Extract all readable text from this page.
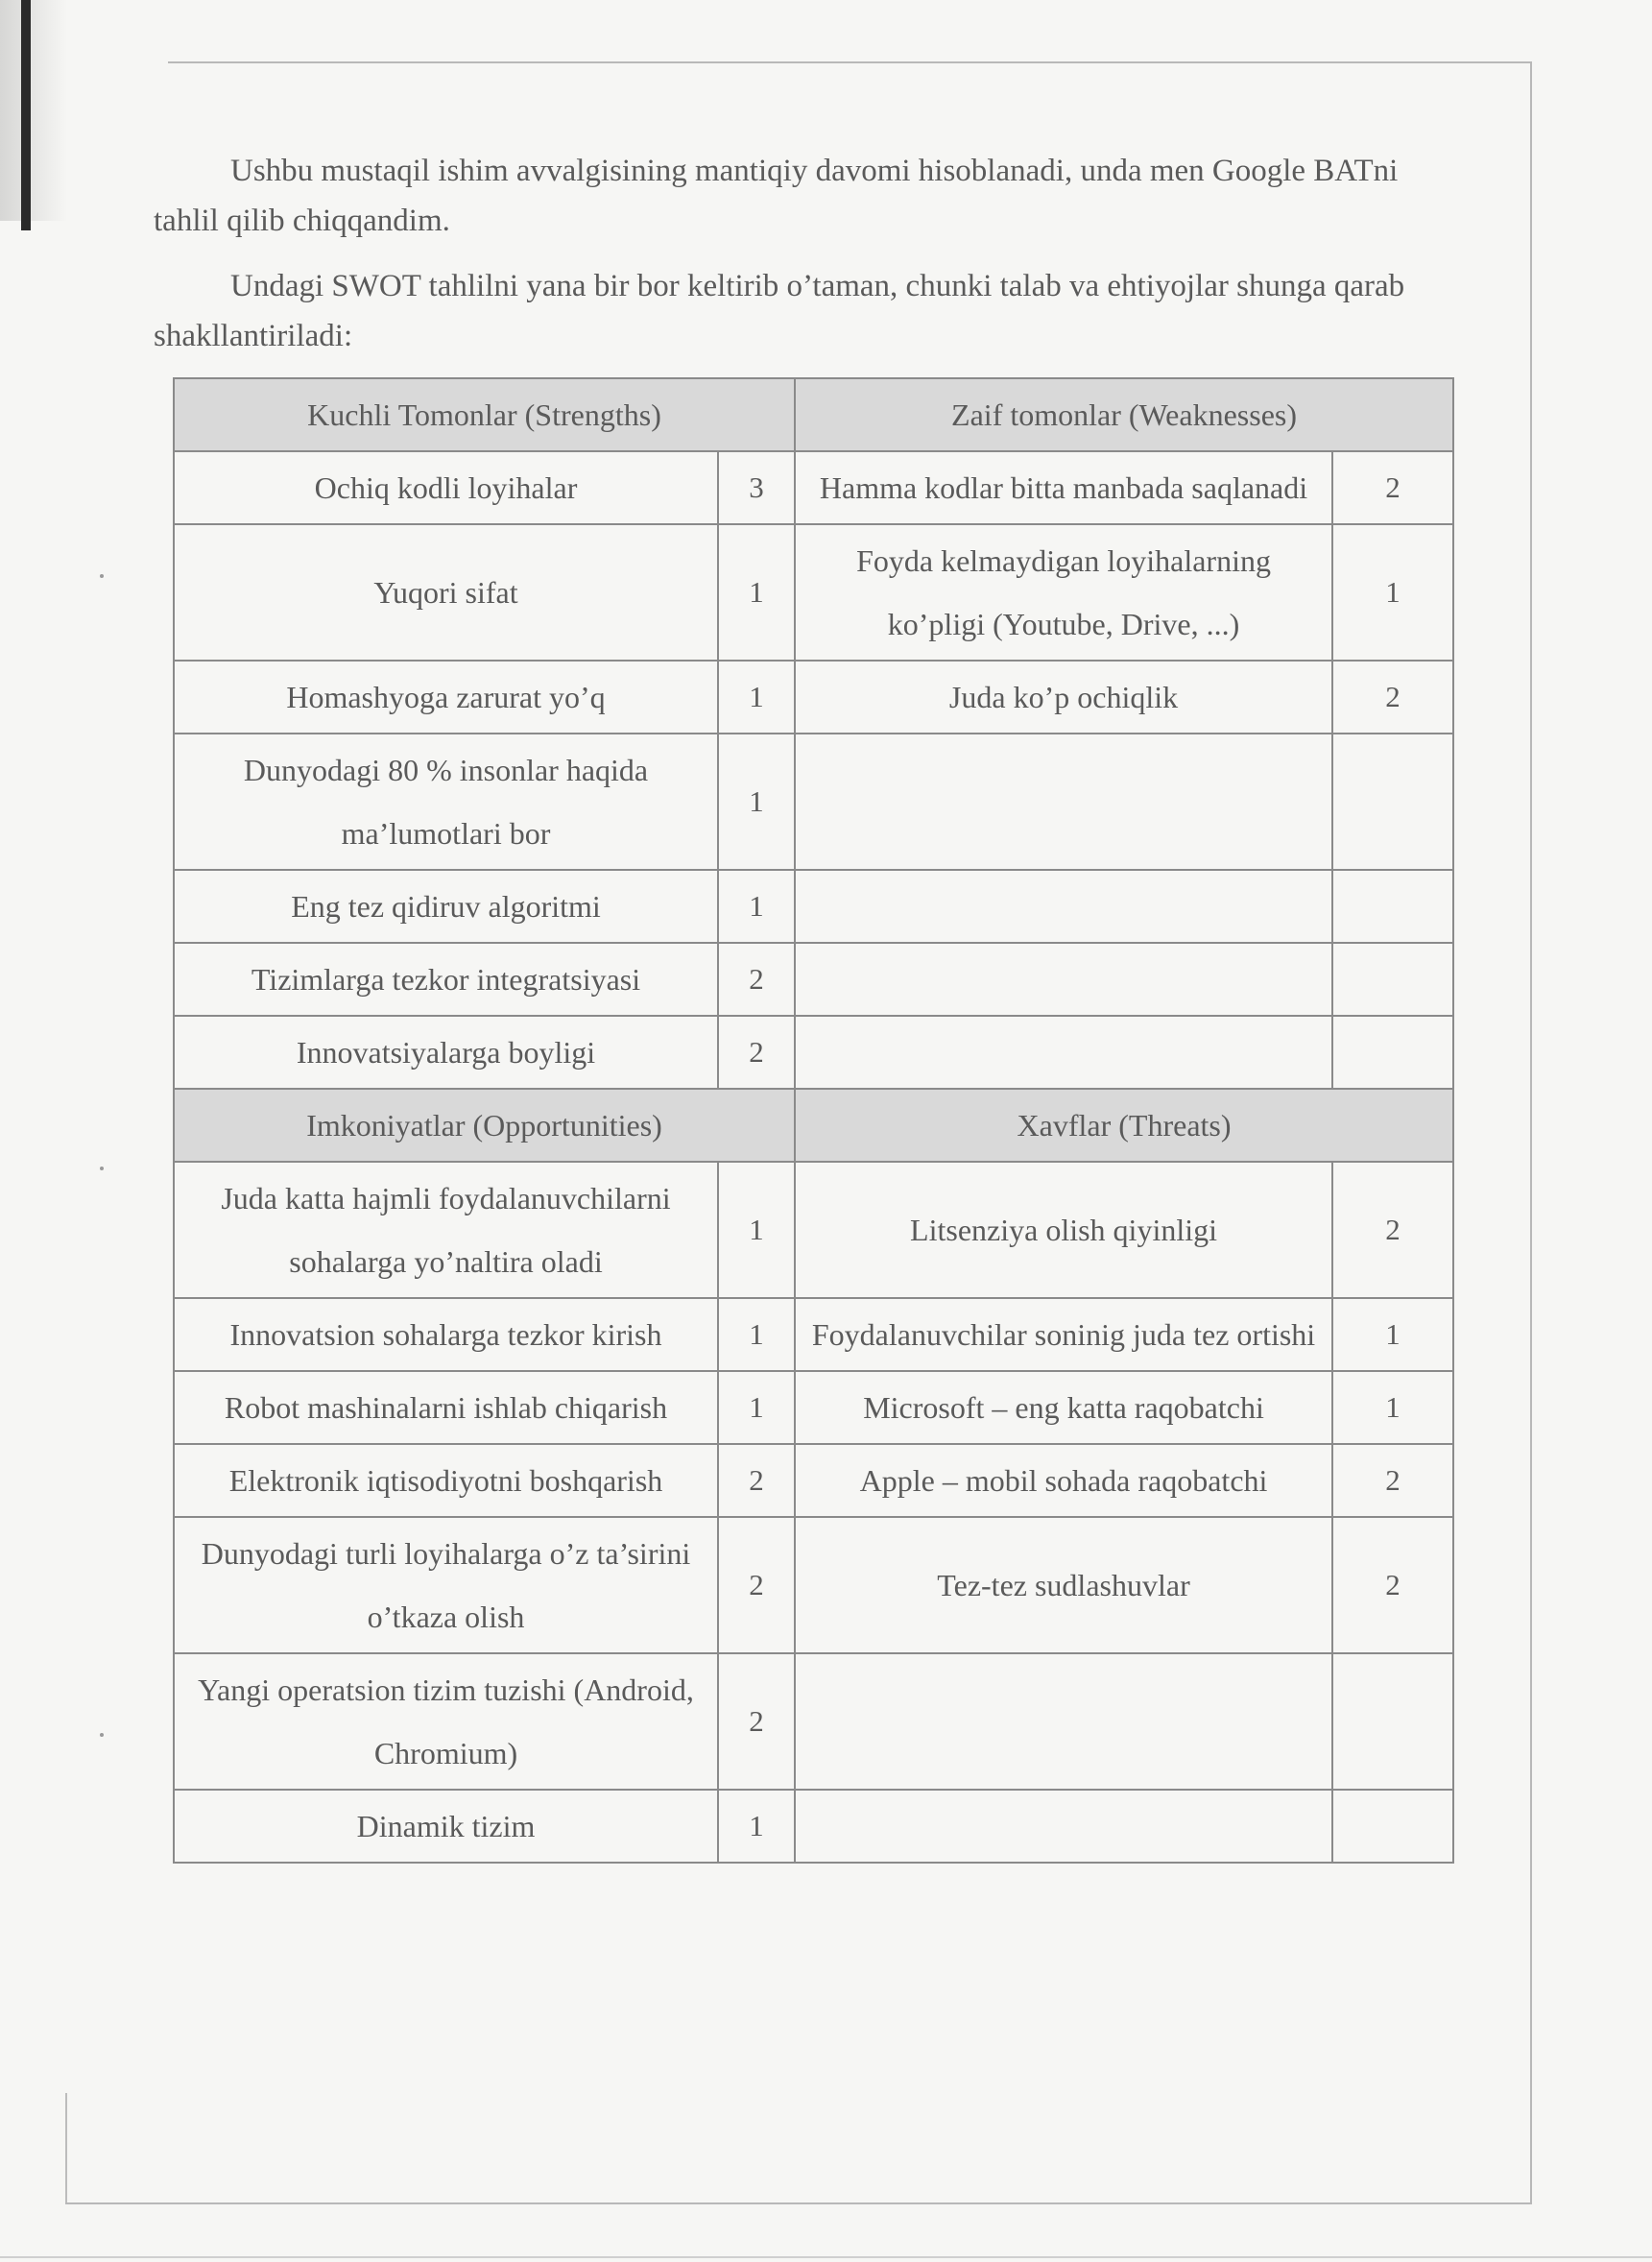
Ushbu mustaqil ishim avvalgisining mantiqiy davomi hisoblanadi, unda men Google BATni tahlil qilib chiqqandim.

Undagi SWOT tahlilni yana bir bor keltirib o’taman, chunki talab va ehtiyojlar shunga qarab shakllantiriladi:

Kuchli Tomonlar (Strengths)		Zaif tomonlar (Weaknesses)	
Ochiq kodli loyihalar	3	Hamma kodlar bitta manbada saqlanadi	2
Yuqori sifat	1	Foyda kelmaydigan loyihalarning ko’pligi (Youtube, Drive, ...)	1
Homashyoga zarurat yo’q	1	Juda ko’p ochiqlik	2
Dunyodagi 80 % insonlar haqida ma’lumotlari bor	1		
Eng tez qidiruv algoritmi	1		
Tizimlarga tezkor integratsiyasi	2		
Innovatsiyalarga boyligi	2		
Imkoniyatlar (Opportunities)		Xavflar (Threats)	
Juda katta hajmli foydalanuvchilarni sohalarga yo’naltira oladi	1	Litsenziya olish qiyinligi	2
Innovatsion sohalarga tezkor kirish	1	Foydalanuvchilar soninig juda tez ortishi	1
Robot mashinalarni ishlab chiqarish	1	Microsoft – eng katta raqobatchi	1
Elektronik iqtisodiyotni boshqarish	2	Apple – mobil sohada raqobatchi	2
Dunyodagi turli loyihalarga o’z ta’sirini o’tkaza olish	2	Tez-tez sudlashuvlar	2
Yangi operatsion tizim tuzishi (Android, Chromium)	2		
Dinamik tizim	1		
